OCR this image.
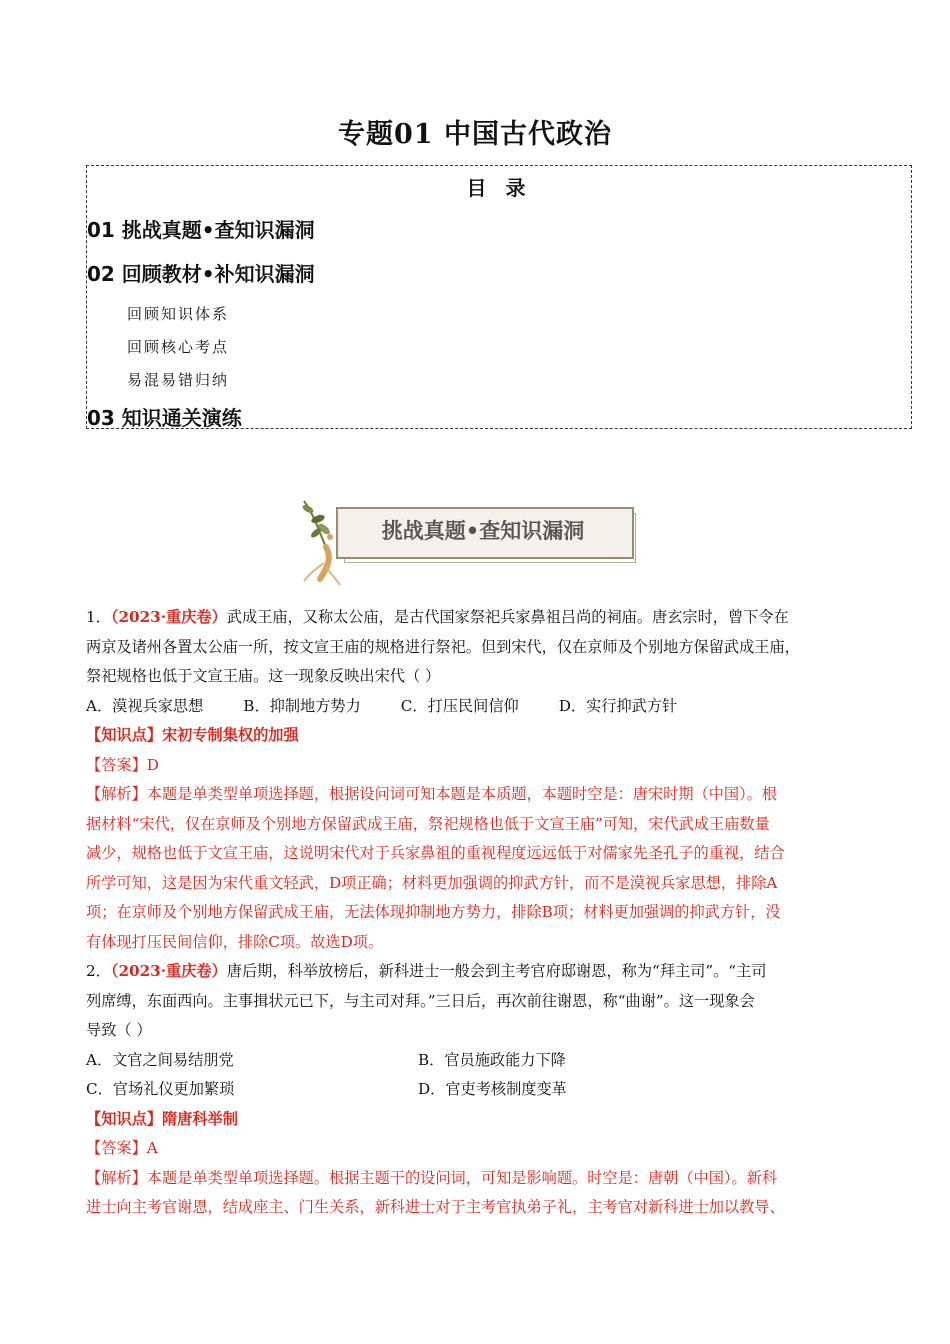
专题01 中国古代政治
目 录
01 挑战真题•查知识漏洞
02 回顾教材•补知识漏洞
回顾知识体系
回顾核心考点
易混易错归纳
03 知识通关演练
挑战真题•查知识漏洞

1．（2023·重庆卷）武成王庙，又称太公庙，是古代国家祭祀兵家鼻祖吕尚的祠庙。唐玄宗时，曾下令在

两京及诸州各置太公庙一所，按文宣王庙的规格进行祭祀。但到宋代，仅在京师及个别地方保留武成王庙，

祭祀规格也低于文宣王庙。这一现象反映出宋代（ ）

A．漠视兵家思想	B．抑制地方势力	C．打压民间信仰	D．实行抑武方针

【知识点】宋初专制集权的加强

【答案】D

【解析】本题是单类型单项选择题，根据设问词可知本题是本质题，本题时空是：唐宋时期（中国）。根

据材料“宋代，仅在京师及个别地方保留武成王庙，祭祀规格也低于文宣王庙”可知，宋代武成王庙数量

减少，规格也低于文宣王庙，这说明宋代对于兵家鼻祖的重视程度远远低于对儒家先圣孔子的重视，结合

所学可知，这是因为宋代重文轻武，D项正确；材料更加强调的抑武方针，而不是漠视兵家思想，排除A

项；在京师及个别地方保留武成王庙，无法体现抑制地方势力，排除B项；材料更加强调的抑武方针，没

有体现打压民间信仰，排除C项。故选D项。

2．（2023·重庆卷）唐后期，科举放榜后，新科进士一般会到主考官府邸谢恩，称为“拜主司”。“主司

列席缚，东面西向。主事揖状元已下，与主司对拜。”三日后，再次前往谢恩，称“曲谢”。这一现象会

导致（ ）

A．文官之间易结朋党	B．官员施政能力下降
C．官场礼仪更加繁琐	D．官吏考核制度变革

【知识点】隋唐科举制

【答案】A

【解析】本题是单类型单项选择题。根据主题干的设问词，可知是影响题。时空是：唐朝（中国）。新科

进士向主考官谢恩，结成座主、门生关系，新科进士对于主考官执弟子礼，主考官对新科进士加以教导、
